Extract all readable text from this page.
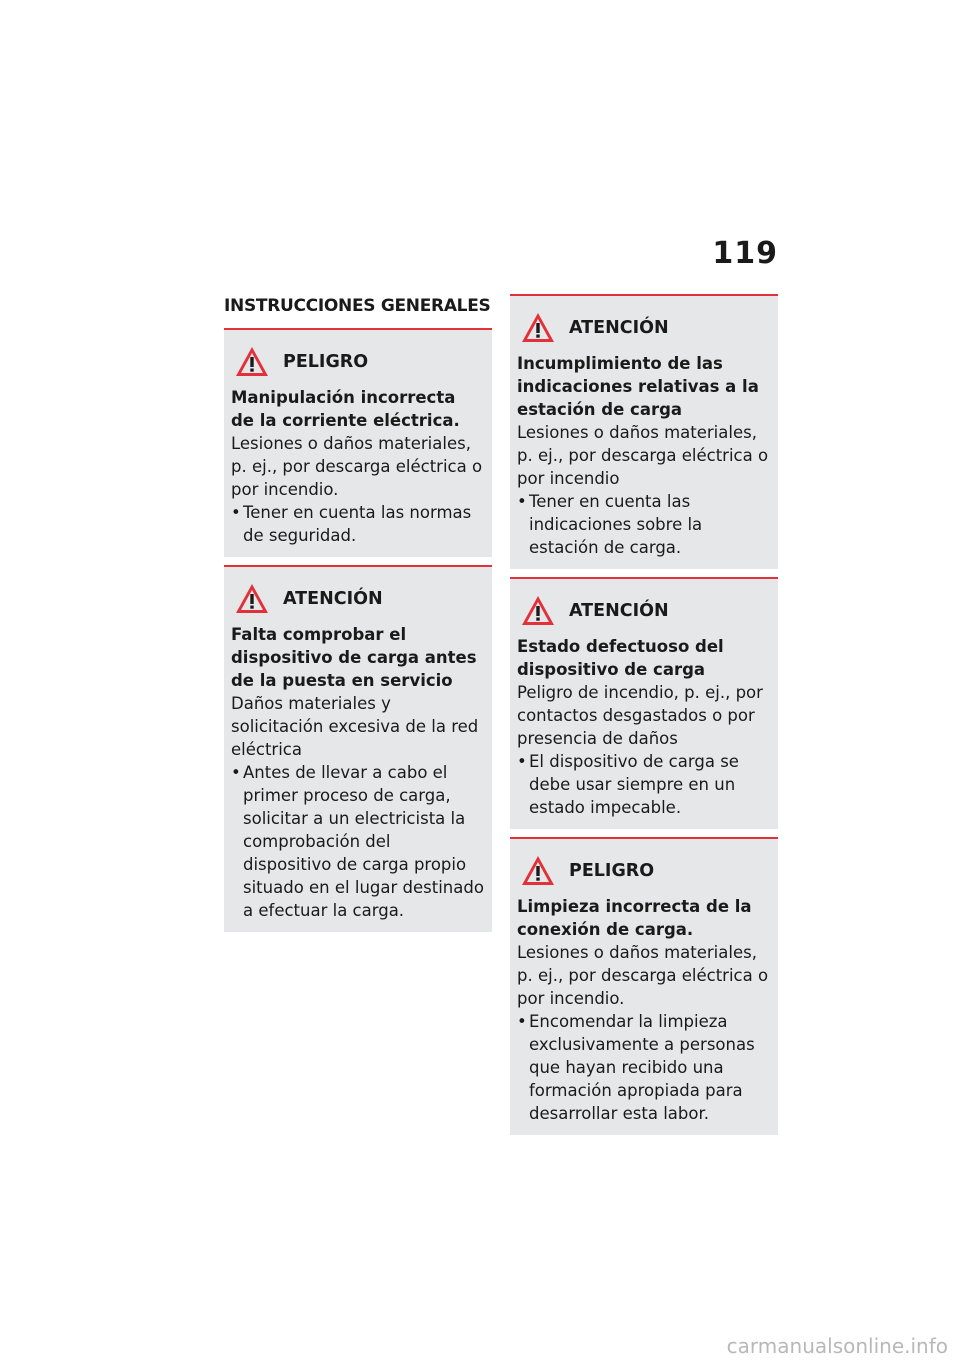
119
INSTRUCCIONES GENERALES
PELIGRO
Manipulación incorrecta de la corriente eléctrica.
Lesiones o daños materiales, p. ej., por descarga eléctrica o por incendio.
• Tener en cuenta las normas de seguridad.
ATENCIÓN
Falta comprobar el dispositivo de carga antes de la puesta en servicio
Daños materiales y solicitación excesiva de la red eléctrica
• Antes de llevar a cabo el primer proceso de carga, solicitar a un electricista la comprobación del dispositivo de carga propio situado en el lugar destinado a efectuar la carga.
ATENCIÓN
Incumplimiento de las indicaciones relativas a la estación de carga
Lesiones o daños materiales, p. ej., por descarga eléctrica o por incendio
• Tener en cuenta las indicaciones sobre la estación de carga.
ATENCIÓN
Estado defectuoso del dispositivo de carga
Peligro de incendio, p. ej., por contactos desgastados o por presencia de daños
• El dispositivo de carga se debe usar siempre en un estado impecable.
PELIGRO
Limpieza incorrecta de la conexión de carga.
Lesiones o daños materiales, p. ej., por descarga eléctrica o por incendio.
• Encomendar la limpieza exclusivamente a personas que hayan recibido una formación apropiada para desarrollar esta labor.
carmanualsonline.info
